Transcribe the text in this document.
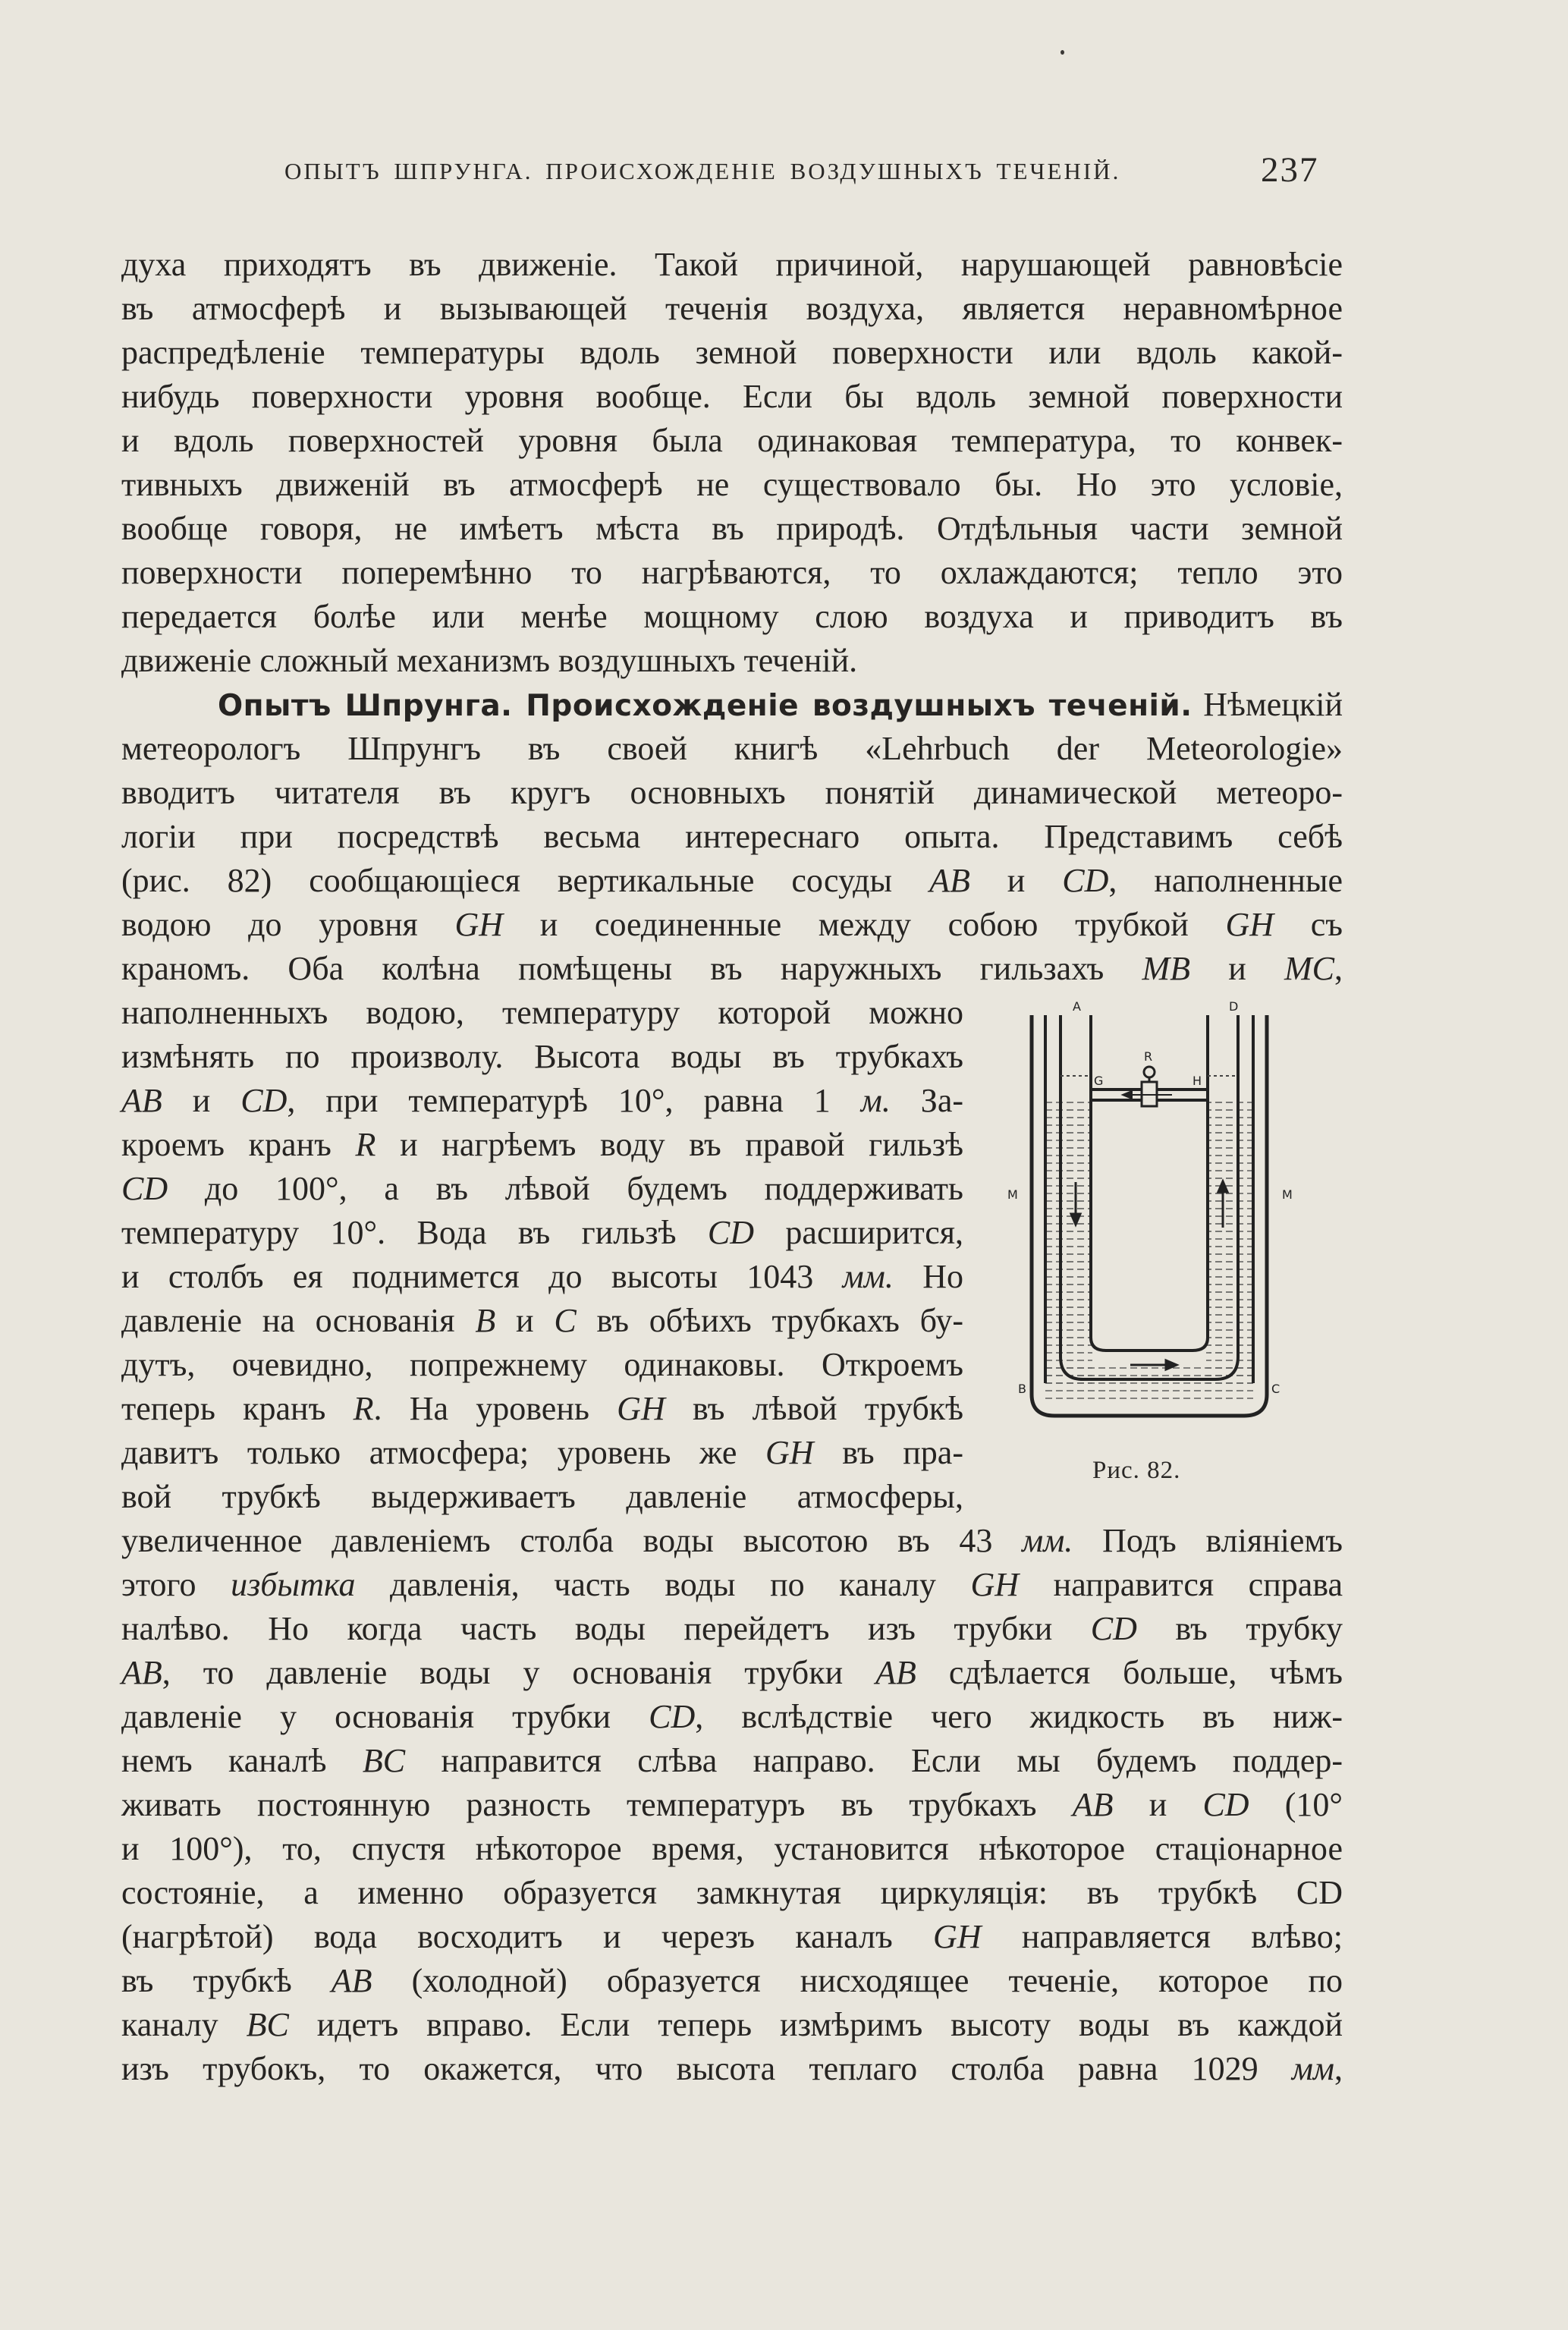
ОПЫТЪ ШПРУНГА. ПРОИСХОЖДЕНІЕ ВОЗДУШНЫХЪ ТЕЧЕНІЙ.	237
духа приходятъ въ движеніе. Такой причиной, нарушающей равновѣсіе
въ атмосферѣ и вызывающей теченія воздуха, является неравномѣрное
распредѣленіе температуры вдоль земной поверхности или вдоль какой-
нибудь поверхности уровня вообще. Если бы вдоль земной поверхности
и вдоль поверхностей уровня была одинаковая температура, то конвек-
тивныхъ движеній въ атмосферѣ не существовало бы. Но это условіе,
вообще говоря, не имѣетъ мѣста въ природѣ. Отдѣльныя части земной
поверхности поперемѣнно то нагрѣваются, то охлаждаются; тепло это
передается болѣе или менѣе мощному слою воздуха и приводитъ въ
движеніе сложный механизмъ воздушныхъ теченій.
Опытъ Шпрунга. Происхожденіе воздушныхъ теченій. Нѣмецкій
метеорологъ Шпрунгъ въ своей книгѣ «Lehrbuch der Meteorologie»
вводитъ читателя въ кругъ основныхъ понятій динамической метеоро-
логіи при посредствѣ весьма интереснаго опыта. Представимъ себѣ
(рис. 82) сообщающіеся вертикальные сосуды AB и CD, наполненные
водою до уровня GH и соединенные между собою трубкой GH съ
краномъ. Оба колѣна помѣщены въ наружныхъ гильзахъ MB и MC,
наполненныхъ водою, температуру которой можно
измѣнять по произволу. Высота воды въ трубкахъ
AB и CD, при температурѣ 10°, равна 1 м. За-
кроемъ кранъ R и нагрѣемъ воду въ правой гильзѣ
CD до 100°, а въ лѣвой будемъ поддерживать
температуру 10°. Вода въ гильзѣ CD расширится,
и столбъ ея поднимется до высоты 1043 мм. Но
давленіе на основанія B и C въ обѣихъ трубкахъ бу-
дутъ, очевидно, попрежнему одинаковы. Откроемъ
теперь кранъ R. На уровень GH въ лѣвой трубкѣ
давитъ только атмосфера; уровень же GH въ пра-
вой трубкѣ выдерживаетъ давленіе атмосферы,
увеличенное давленіемъ столба воды высотою въ 43 мм. Подъ вліяніемъ
этого избытка давленія, часть воды по каналу GH направится справа
налѣво. Но когда часть воды перейдетъ изъ трубки CD въ трубку
AB, то давленіе воды у основанія трубки AB сдѣлается больше, чѣмъ
давленіе у основанія трубки CD, вслѣдствіе чего жидкость въ ниж-
немъ каналѣ BC направится слѣва направо. Если мы будемъ поддер-
живать постоянную разность температуръ въ трубкахъ AB и CD (10°
и 100°), то, спустя нѣкоторое время, установится нѣкоторое стаціонарное
состояніе, а именно образуется замкнутая циркуляція: въ трубкѣ CD
(нагрѣтой) вода восходитъ и черезъ каналъ GH направляется влѣво;
въ трубкѣ AB (холодной) образуется нисходящее теченіе, которое по
каналу BC идетъ вправо. Если теперь измѣримъ высоту воды въ каждой
изъ трубокъ, то окажется, что высота теплаго столба равна 1029 мм,
A	D
G
R
H
M	M
B	C
Рис. 82.
